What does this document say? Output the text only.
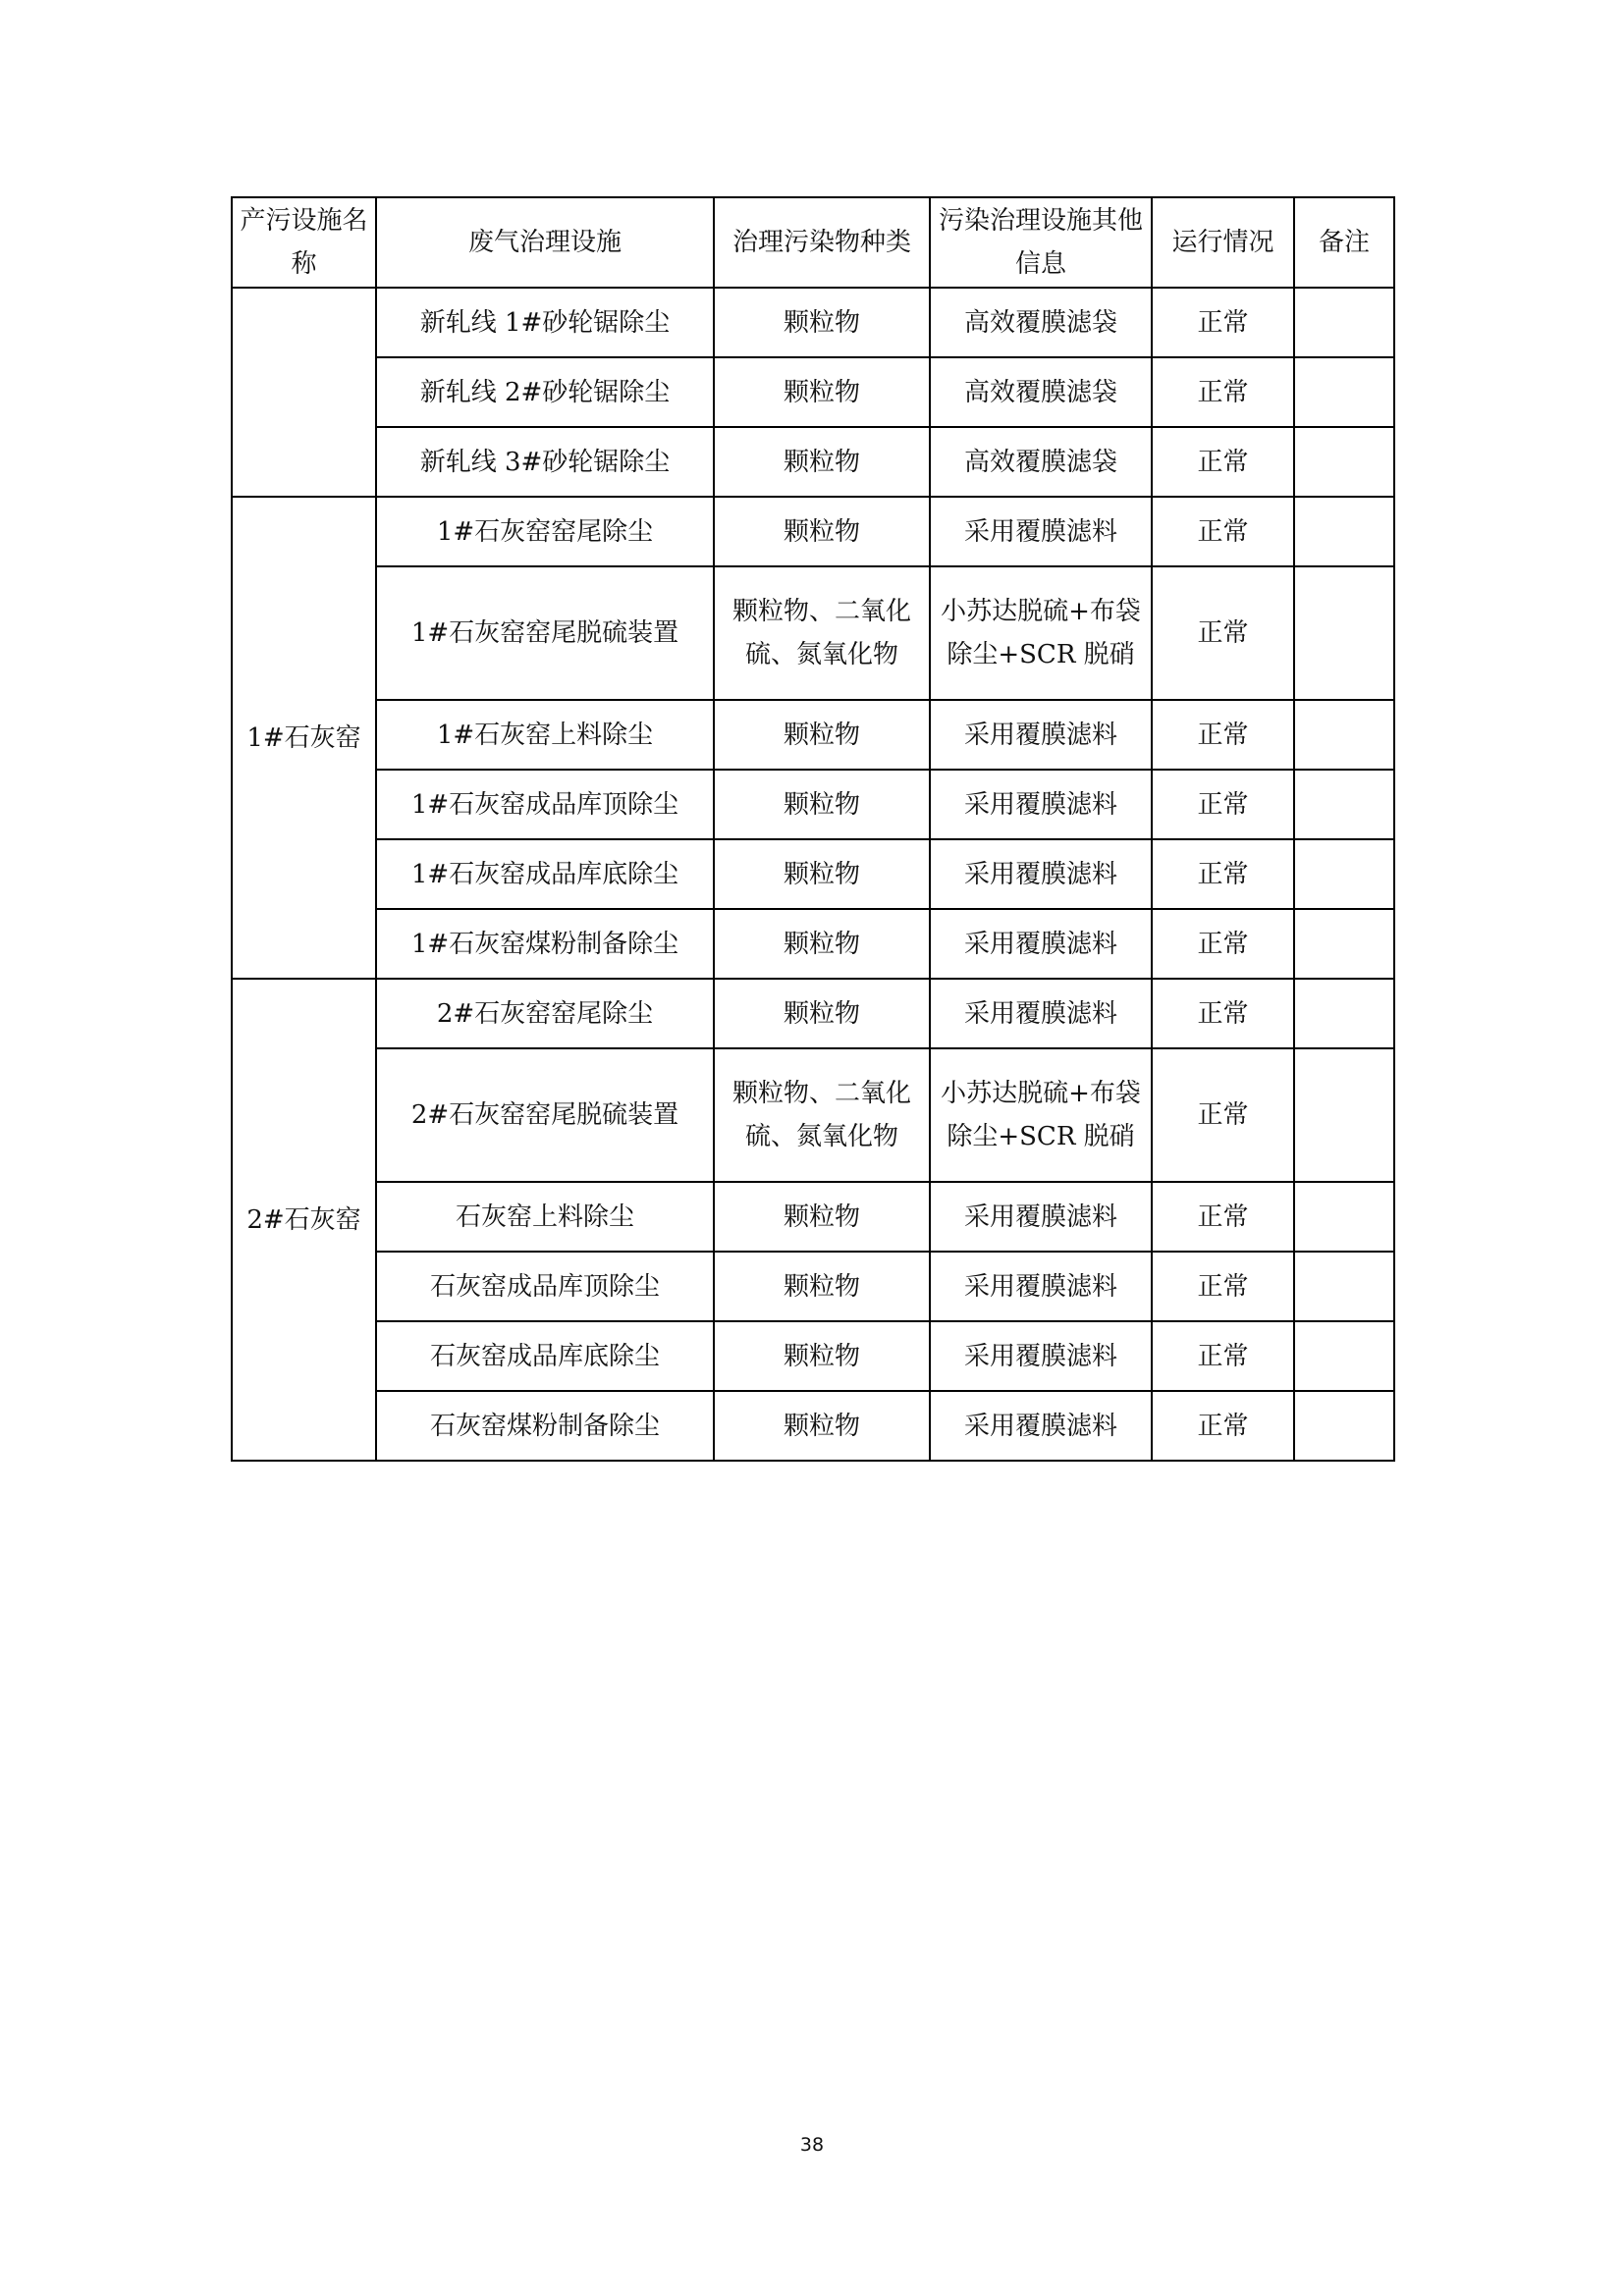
产污设施名称	废气治理设施	治理污染物种类	污染治理设施其他信息	运行情况	备注
	新轧线 1#砂轮锯除尘	颗粒物	高效覆膜滤袋	正常	
	新轧线 2#砂轮锯除尘	颗粒物	高效覆膜滤袋	正常	
	新轧线 3#砂轮锯除尘	颗粒物	高效覆膜滤袋	正常	
1#石灰窑	1#石灰窑窑尾除尘	颗粒物	采用覆膜滤料	正常	
	1#石灰窑窑尾脱硫装置	颗粒物、二氧化硫、氮氧化物	小苏达脱硫+布袋除尘+SCR 脱硝	正常	
	1#石灰窑上料除尘	颗粒物	采用覆膜滤料	正常	
	1#石灰窑成品库顶除尘	颗粒物	采用覆膜滤料	正常	
	1#石灰窑成品库底除尘	颗粒物	采用覆膜滤料	正常	
	1#石灰窑煤粉制备除尘	颗粒物	采用覆膜滤料	正常	
2#石灰窑	2#石灰窑窑尾除尘	颗粒物	采用覆膜滤料	正常	
	2#石灰窑窑尾脱硫装置	颗粒物、二氧化硫、氮氧化物	小苏达脱硫+布袋除尘+SCR 脱硝	正常	
	石灰窑上料除尘	颗粒物	采用覆膜滤料	正常	
	石灰窑成品库顶除尘	颗粒物	采用覆膜滤料	正常	
	石灰窑成品库底除尘	颗粒物	采用覆膜滤料	正常	
	石灰窑煤粉制备除尘	颗粒物	采用覆膜滤料	正常	
38
